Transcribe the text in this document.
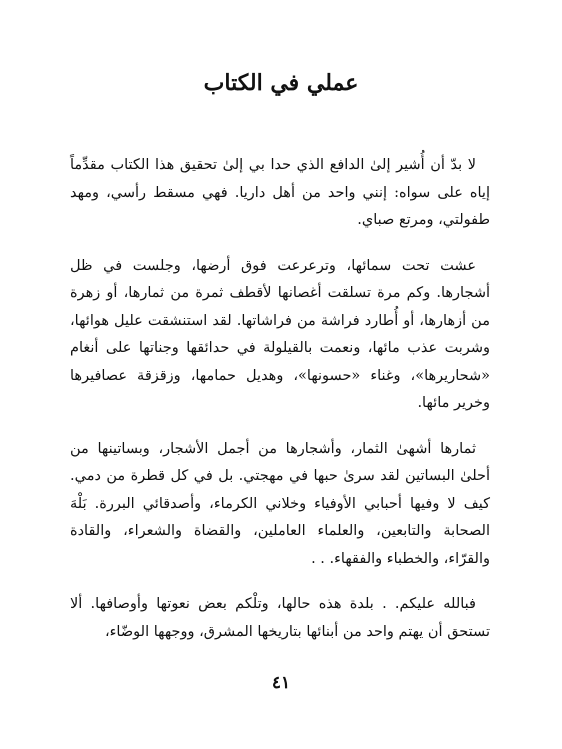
عملي في الكتاب

لا بدّ أن أُشير إلىٰ الدافع الذي حدا بي إلىٰ تحقيق هذا الكتاب مقدِّماً إياه على سواه: إنني واحد من أهل داريا. فهي مسقط رأسي، ومهد طفولتي، ومرتع صباي.

عشت تحت سمائها، وترعرعت فوق أرضها، وجلست في ظل أشجارها. وكم مرة تسلقت أغصانها لأقطف ثمرة من ثمارها، أو زهرة من أزهارها، أو أُطارد فراشة من فراشاتها. لقد استنشقت عليل هوائها، وشربت عذب مائها، ونعمت بالقيلولة في حدائقها وجناتها على أنغام «شحاريرها»، وغناء «حسونها»، وهديل حمامها، وزقزقة عصافيرها وخرير مائها.

ثمارها أشهىٰ الثمار، وأشجارها من أجمل الأشجار، وبساتينها من أحلىٰ البساتين لقد سرىٰ حبها في مهجتي. بل في كل قطرة من دمي. كيف لا وفيها أحبابي الأوفياء وخلاني الكرماء، وأصدقائي البررة. بَلْهَ الصحابة والتابعين، والعلماء العاملين، والقضاة والشعراء، والقادة والقرّاء، والخطباء والفقهاء. . .

فبالله عليكم. . بلدة هذه حالها، وتلْكم بعض نعوتها وأوصافها. ألا تستحق أن يهتم واحد من أبنائها بتاريخها المشرق، ووجهها الوضّاء،

٤١
